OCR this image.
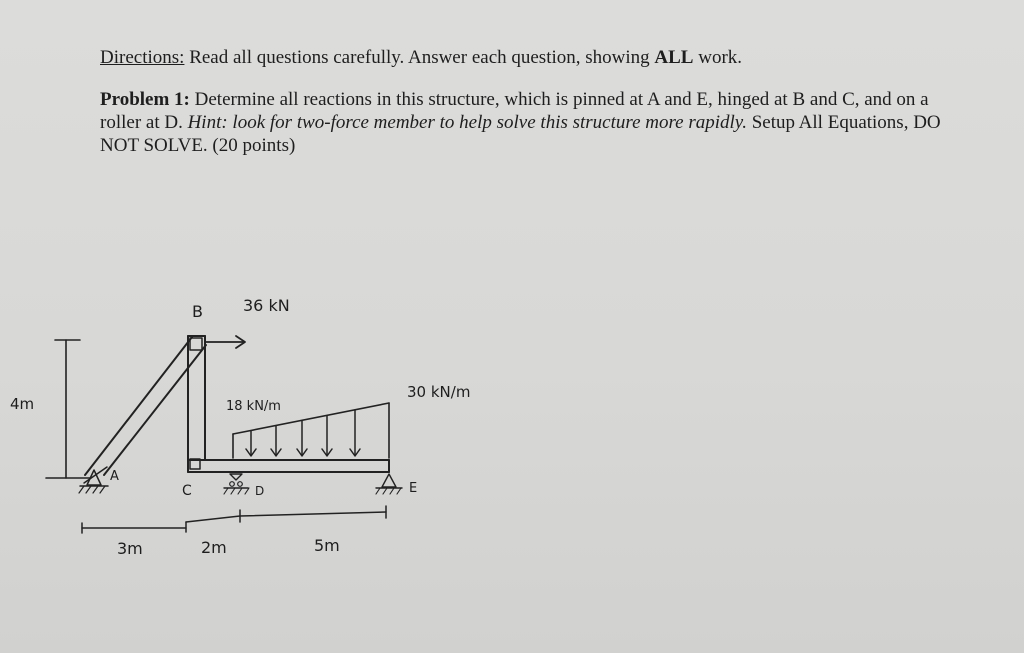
Directions: Read all questions carefully. Answer each question, showing ALL work.
Problem 1: Determine all reactions in this structure, which is pinned at A and E, hinged at B and C, and on a roller at D. Hint: look for two-force member to help solve this structure more rapidly. Setup All Equations, DO NOT SOLVE. (20 points)
B	36 kN
18 kN/m
30 kN/m
4m
A
C	D	E
3m	2m	5m
